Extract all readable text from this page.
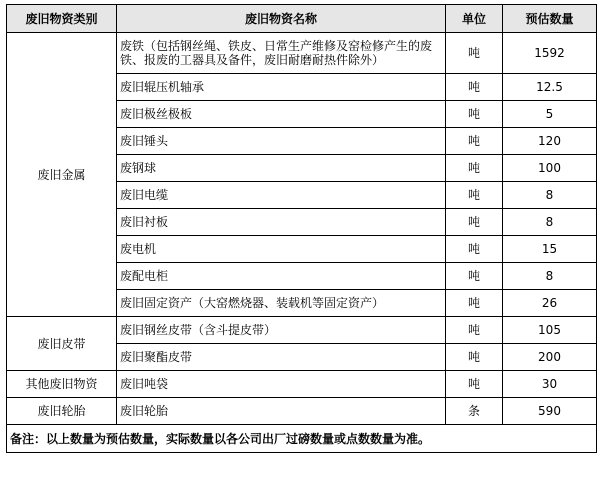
废旧物资类别	废旧物资名称	单位	预估数量
废旧金属	废铁（包括钢丝绳、铁皮、日常生产维修及窑检修产生的废铁、报废的工器具及备件，废旧耐磨耐热件除外）	吨	1592
	废旧辊压机轴承	吨	12.5
	废旧极丝极板	吨	5
	废旧锤头	吨	120
	废钢球	吨	100
	废旧电缆	吨	8
	废旧衬板	吨	8
	废电机	吨	15
	废配电柜	吨	8
	废旧固定资产（大窑燃烧器、装载机等固定资产）	吨	26
废旧皮带	废旧钢丝皮带（含斗提皮带）	吨	105
	废旧聚酯皮带	吨	200
其他废旧物资	废旧吨袋	吨	30
废旧轮胎	废旧轮胎	条	590
备注：以上数量为预估数量，实际数量以各公司出厂过磅数量或点数数量为准。			
